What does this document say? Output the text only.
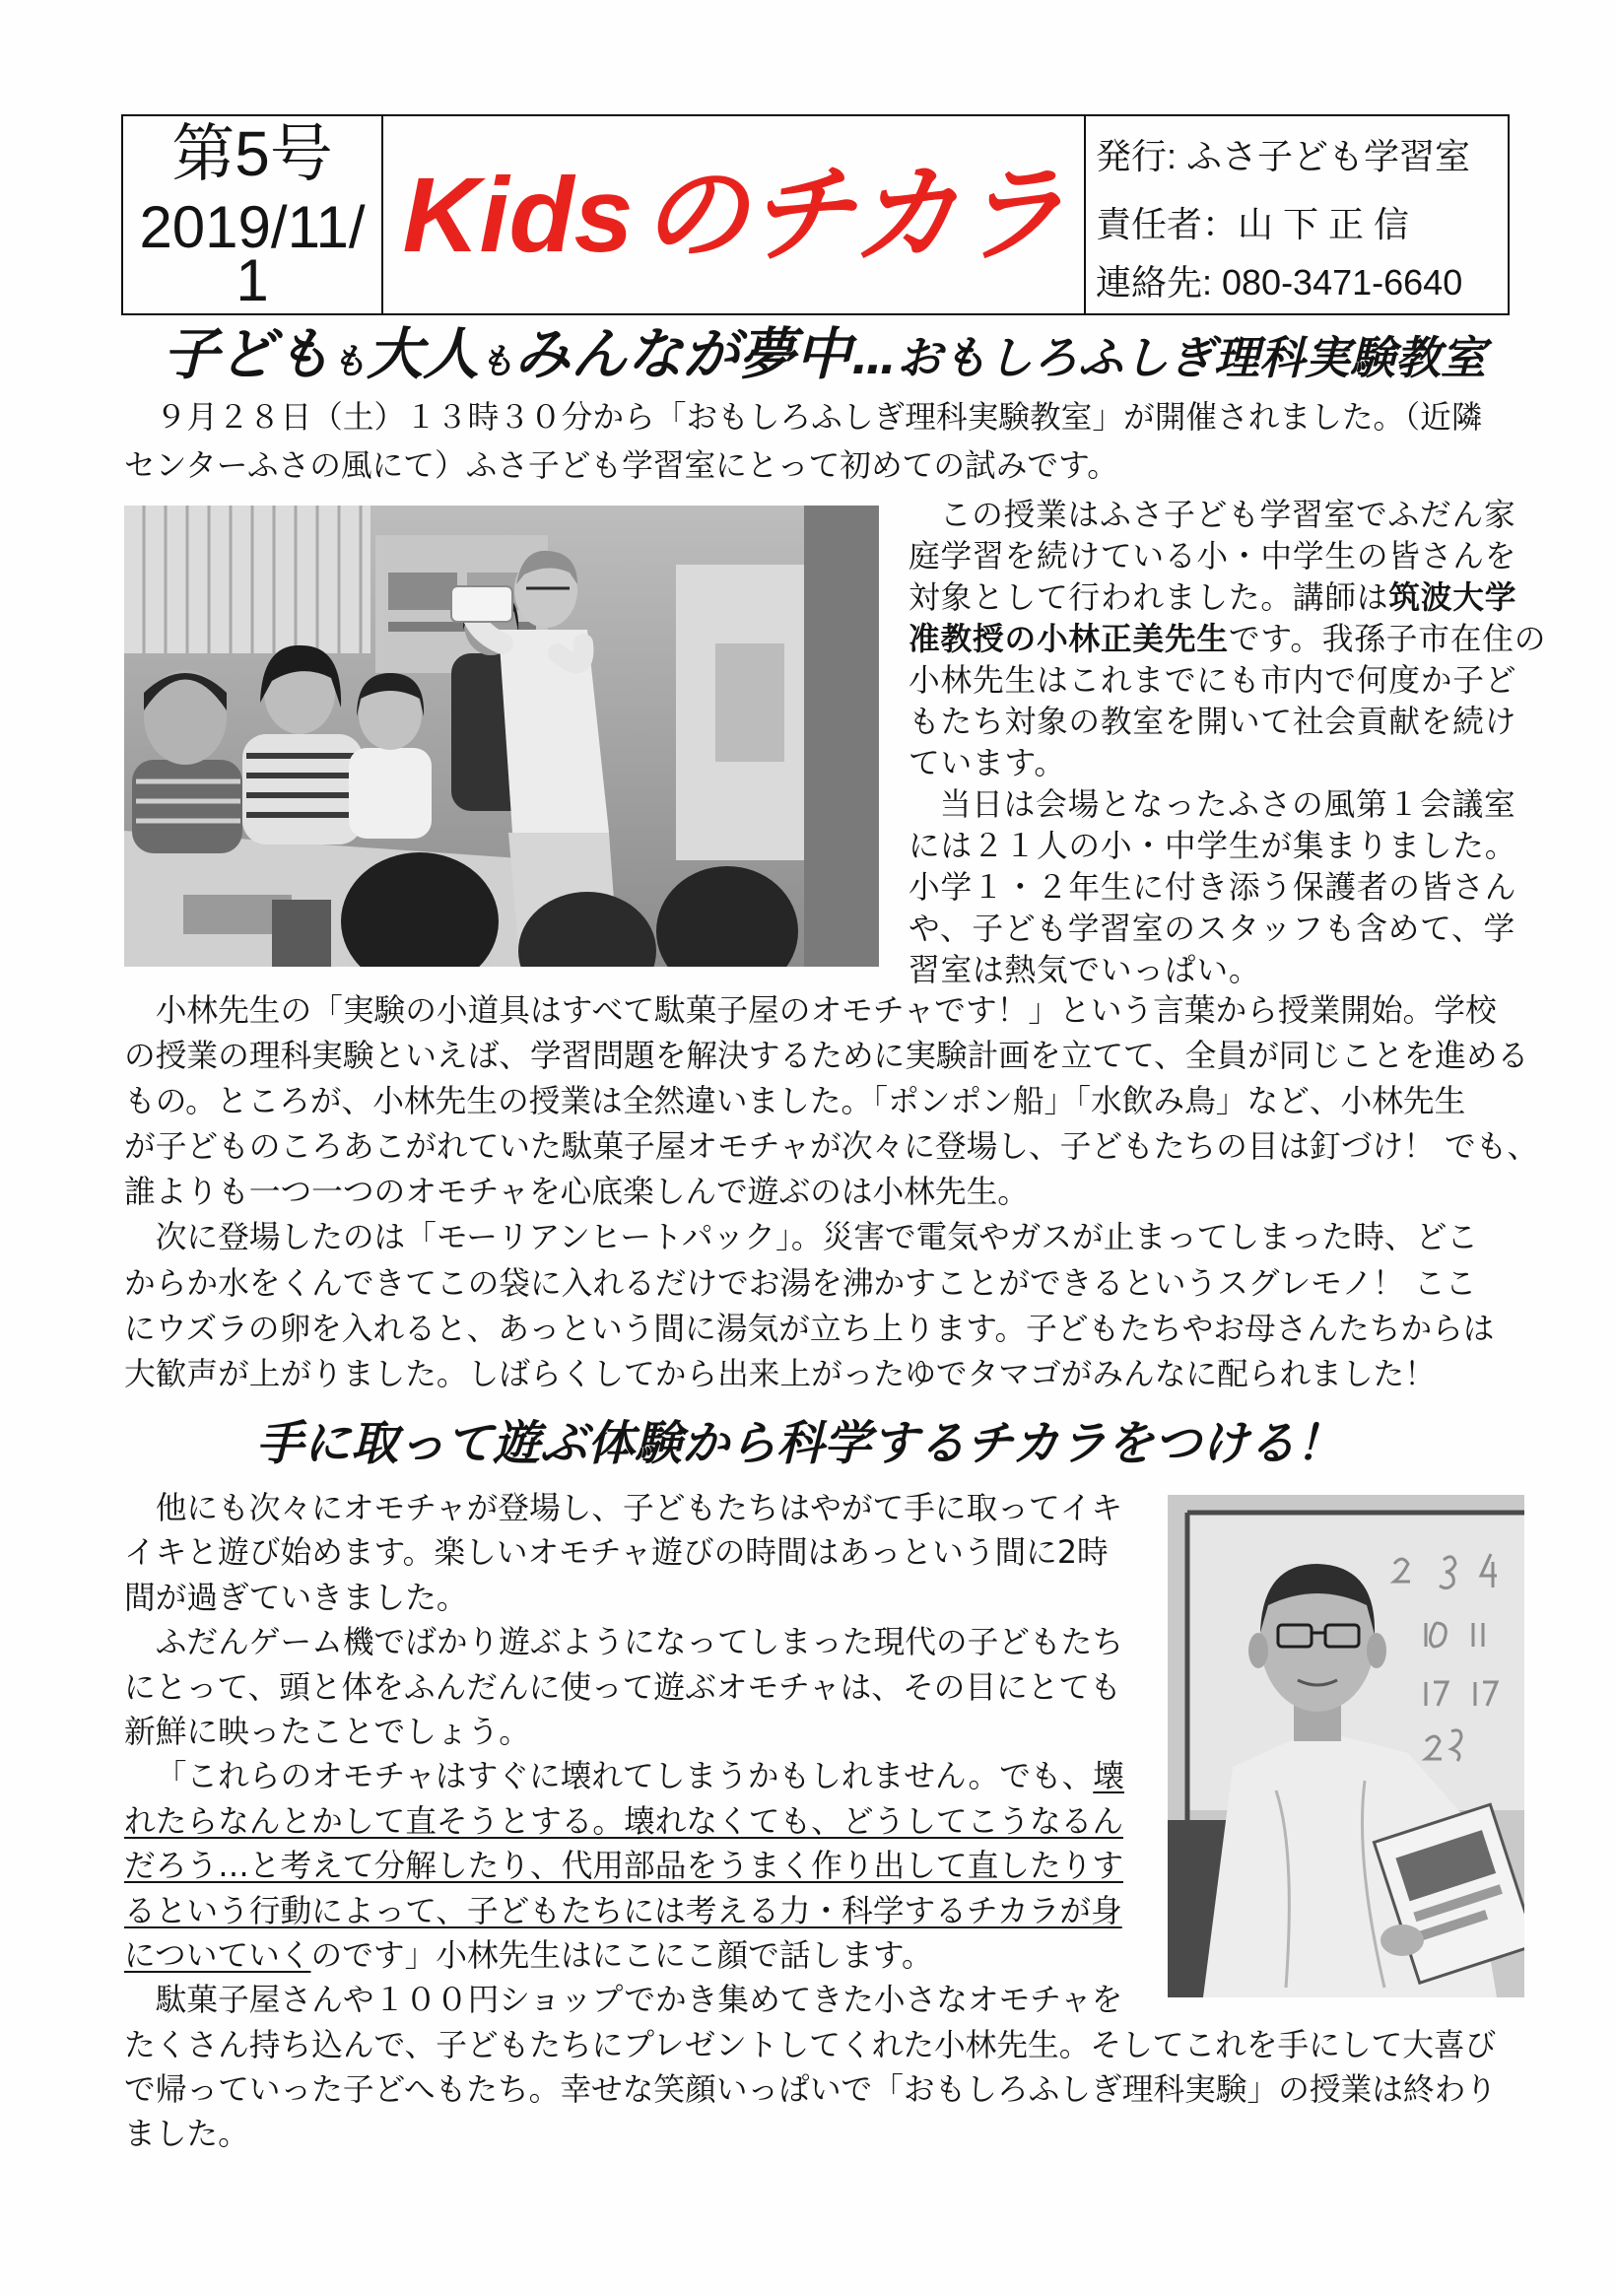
第5号
2019/11/
1
Kidsのチカラ 発行: ふさ子ども学習室
責任者：山 下 正 信
連絡先: 080-3471-6640
子どもも大人もみんなが夢中…おもしろふしぎ理科実験教室
９月２８日（土）１３時３０分から「おもしろふしぎ理科実験教室」が開催されました。（近隣
センターふさの風にて）ふさ子ども学習室にとって初めての試みです。
この授業はふさ子ども学習室でふだん家
庭学習を続けている小・中学生の皆さんを
対象として行われました。講師は筑波大学
准教授の小林正美先生です。我孫子市在住の
小林先生はこれまでにも市内で何度か子ど
もたち対象の教室を開いて社会貢献を続け
ています。
当日は会場となったふさの風第１会議室
には２１人の小・中学生が集まりました。
小学１・２年生に付き添う保護者の皆さん
や、子ども学習室のスタッフも含めて、学
習室は熱気でいっぱい。
小林先生の「実験の小道具はすべて駄菓子屋のオモチャです！」という言葉から授業開始。学校
の授業の理科実験といえば、学習問題を解決するために実験計画を立てて、全員が同じことを進める
もの。ところが、小林先生の授業は全然違いました。「ポンポン船」「水飲み鳥」など、小林先生
が子どものころあこがれていた駄菓子屋オモチャが次々に登場し、子どもたちの目は釘づけ！ でも、
誰よりも一つ一つのオモチャを心底楽しんで遊ぶのは小林先生。
次に登場したのは「モーリアンヒートパック」。災害で電気やガスが止まってしまった時、どこ
からか水をくんできてこの袋に入れるだけでお湯を沸かすことができるというスグレモノ！ ここ
にウズラの卵を入れると、あっという間に湯気が立ち上ります。子どもたちやお母さんたちからは
大歓声が上がりました。しばらくしてから出来上がったゆでタマゴがみんなに配られました！
手に取って遊ぶ体験から科学するチカラをつける！
他にも次々にオモチャが登場し、子どもたちはやがて手に取ってイキ
イキと遊び始めます。楽しいオモチャ遊びの時間はあっという間に2時
間が過ぎていきました。
ふだんゲーム機でばかり遊ぶようになってしまった現代の子どもたち
にとって、頭と体をふんだんに使って遊ぶオモチャは、その目にとても
新鮮に映ったことでしょう。
「これらのオモチャはすぐに壊れてしまうかもしれません。でも、壊
れたらなんとかして直そうとする。壊れなくても、どうしてこうなるん
だろう…と考えて分解したり、代用部品をうまく作り出して直したりす
るという行動によって、子どもたちには考える力・科学するチカラが身
についていくのです」小林先生はにこにこ顔で話します。
駄菓子屋さんや１００円ショップでかき集めてきた小さなオモチャを
たくさん持ち込んで、子どもたちにプレゼントしてくれた小林先生。そしてこれを手にして大喜び
で帰っていった子どへもたち。幸せな笑顔いっぱいで「おもしろふしぎ理科実験」の授業は終わり
ました。
